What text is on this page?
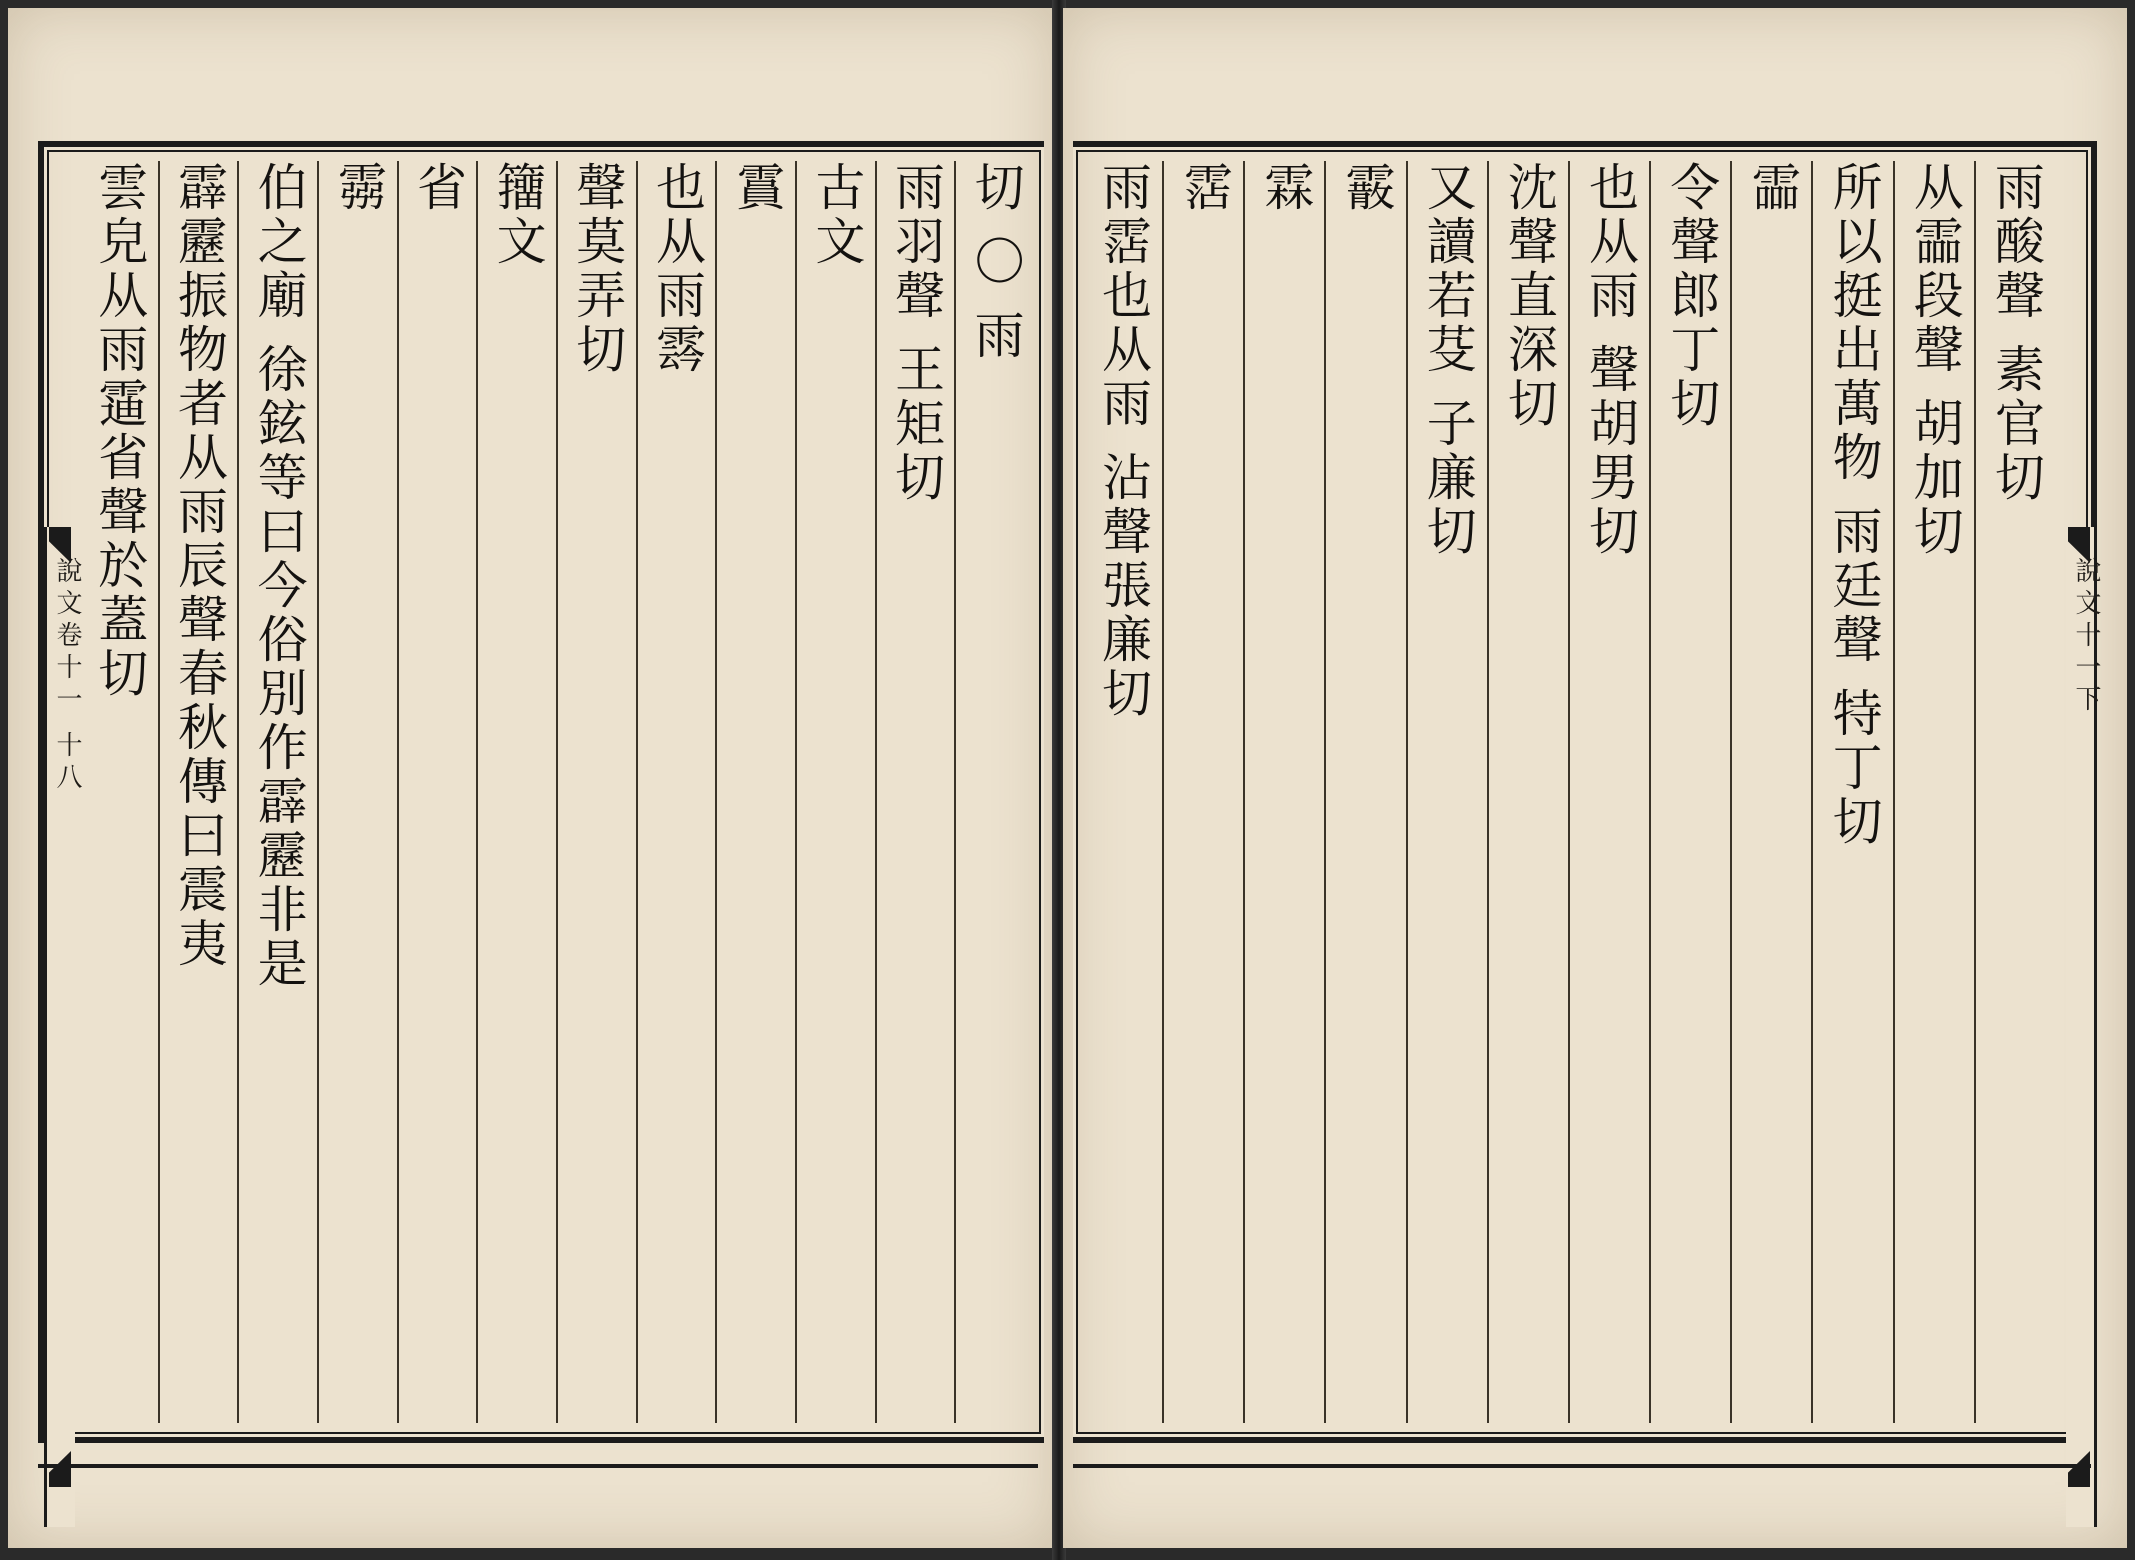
說文卷十一 十八
切 〇 雨
雨羽聲 王矩切
古文
霣
也从雨𩃬
聲莫弄切
籒文
省
霛
伯之廟 徐鉉等曰今俗別作霹靂非是
霹靂振物者从雨辰聲春秋傳曰震夷
雲皃从雨䨤省聲於蓋切	說文十一下
雨酸聲 素官切
从霝段聲 胡加切
所以挺出萬物 雨廷聲 特丁切
霝
令聲郎丁切
也从雨 聲胡男切
沈聲直深切
又讀若芟 子廉切
霰
霖
霑
雨霑也从雨 沾聲張廉切
